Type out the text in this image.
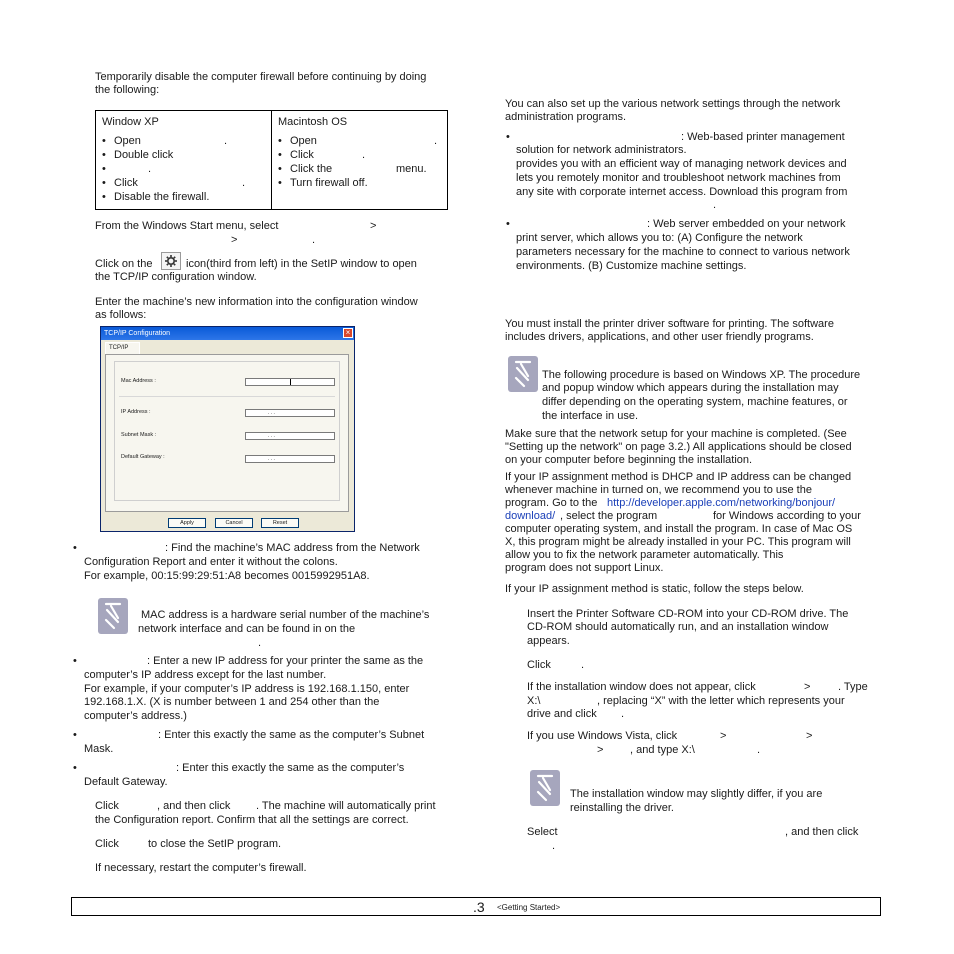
Temporarily disable the computer firewall before continuing by doing
the following:
Window XP
• Open	.
• Double click
• .
• Click	.
• Disable the firewall.

Macintosh OS
• Open	.
• Click	.
• Click the	menu.
• Turn firewall off.
From the Windows Start menu, select	>
>	.
Click on the	icon(third from left) in the SetIP window to open
the TCP/IP configuration window.
Enter the machine’s new information into the configuration window
as follows:
TCP/IP Configuration	×
TCP/IP
Mac Address :
IP Address :	. . .
Subnet Mask :	. . .
Default Gateway :	. . .
Apply	Cancel	Reset
•	: Find the machine’s MAC address from the Network
Configuration Report and enter it without the colons.
For example, 00:15:99:29:51:A8 becomes 0015992951A8.
MAC address is a hardware serial number of the machine’s
network interface and can be found in on the
.
•	: Enter a new IP address for your printer the same as the
computer’s IP address except for the last number.
For example, if your computer’s IP address is 192.168.1.150, enter
192.168.1.X. (X is number between 1 and 254 other than the
computer’s address.)
•	: Enter this exactly the same as the computer’s Subnet
Mask.
•	: Enter this exactly the same as the computer’s
Default Gateway.
Click	, and then click . The machine will automatically print
the Configuration report. Confirm that all the settings are correct.
Click	to close the SetIP program.
If necessary, restart the computer’s firewall.
You can also set up the various network settings through the network
administration programs.
•	: Web-based printer management
solution for network administrators.
provides you with an efficient way of managing network devices and
lets you remotely monitor and troubleshoot network machines from
any site with corporate internet access. Download this program from
.
•	: Web server embedded on your network
print server, which allows you to: (A) Configure the network
parameters necessary for the machine to connect to various network
environments. (B) Customize machine settings.
You must install the printer driver software for printing. The software
includes drivers, applications, and other user friendly programs.
The following procedure is based on Windows XP. The procedure
and popup window which appears during the installation may
differ depending on the operating system, machine features, or
the interface in use.
Make sure that the network setup for your machine is completed. (See
"Setting up the network" on page 3.2.) All applications should be closed
on your computer before beginning the installation.
If your IP assignment method is DHCP and IP address can be changed
whenever machine in turned on, we recommend you to use the
program. Go to the http://developer.apple.com/networking/bonjour/
download/ , select the program	for Windows according to your
computer operating system, and install the program. In case of Mac OS
X, this program might be already installed in your PC. This program will
allow you to fix the network parameter automatically. This
program does not support Linux.
If your IP assignment method is static, follow the steps below.
Insert the Printer Software CD-ROM into your CD-ROM drive. The
CD-ROM should automatically run, and an installation window
appears.
Click	.
If the installation window does not appear, click	>	. Type
X:\	, replacing “X” with the letter which represents your
drive and click .
If you use Windows Vista, click	>	>
> , and type X:\	.
The installation window may slightly differ, if you are
reinstalling the driver.
Select	, and then click
.
.3 <Getting Started>
